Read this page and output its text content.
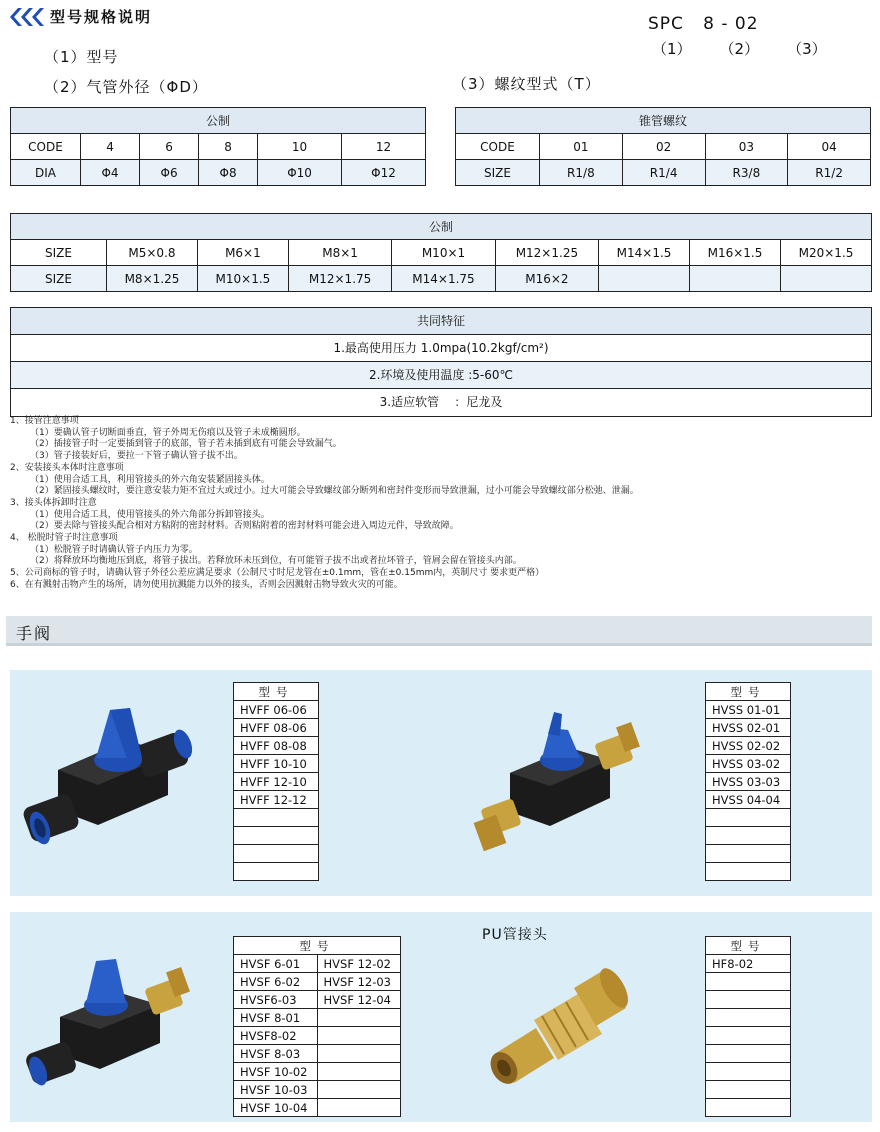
型号规格说明
（1）型号
（2）气管外径（ΦD）	（3）螺纹型式（T）
SPC   8 - 02
（1） （2） （3）
公制					
CODE	4	6	8	10	12
DIA	Φ4	Φ6	Φ8	Φ10	Φ12
锥管螺纹				
CODE	01	02	03	04
SIZE	R1/8	R1/4	R3/8	R1/2
公制								
SIZE	M5×0.8	M6×1	M8×1	M10×1	M12×1.25	M14×1.5	M16×1.5	M20×1.5
SIZE	M8×1.25	M10×1.5	M12×1.75	M14×1.75	M16×2			
共同特征
1.最高使用压力 1.0mpa(10.2kgf/cm²)
2.环境及使用温度 :5-60℃
3.适应软管    ：尼龙及

1、接管注意事项

（1）要确认管子切断面垂直，管子外周无伤痕以及管子未成椭圆形。

（2）插接管子时一定要插到管子的底部，管子若未插到底有可能会导致漏气。

（3）管子接装好后，要拉一下管子确认管子拔不出。

2、安装接头本体时注意事项

（1）使用合适工具，利用管接头的外六角安装紧固接头体。

（2）紧固接头螺纹时，要注意安装力矩不宜过大或过小。过大可能会导致螺纹部分断列和密封件变形而导致泄漏，过小可能会导致螺纹部分松弛、泄漏。

3、接头体拆卸时注意

（1）使用合适工具，使用管接头的外六角部分拆卸管接头。

（2）要去除与管接头配合相对方粘附的密封材料。否则粘附着的密封材料可能会进入周边元件，导致故障。

4、 松脱时管子时注意事项

（1）松脱管子时请确认管子内压力为零。

（2）将释放环均衡地压到底，将管子拔出。若释放环未压到位，有可能管子拔不出或者拉坏管子，管屑会留在管接头内部。

5、公司商标的管子时，请确认管子外径公差应满足要求（公制尺寸时尼龙管在±0.1mm，管在±0.15mm内，英制尺寸 要求更严格）

6、在有溅射击物产生的场所，请勿使用抗溅能力以外的接头，否则会因溅射击物导致火灾的可能。

手阀
型号
HVFF 06-06
HVFF 08-06
HVFF 08-08
HVFF 10-10
HVFF 12-10
HVFF 12-12

型号
HVSS 01-01
HVSS 02-01
HVSS 02-02
HVSS 03-02
HVSS 03-03
HVSS 04-04

型号	
HVSF 6-01	HVSF 12-02
HVSF 6-02	HVSF 12-03
HVSF6-03	HVSF 12-04
HVSF 8-01	
HVSF8-02	
HVSF 8-03	
HVSF 10-02	
HVSF 10-03	
HVSF 10-04	
PU管接头
型号
HF8-02
